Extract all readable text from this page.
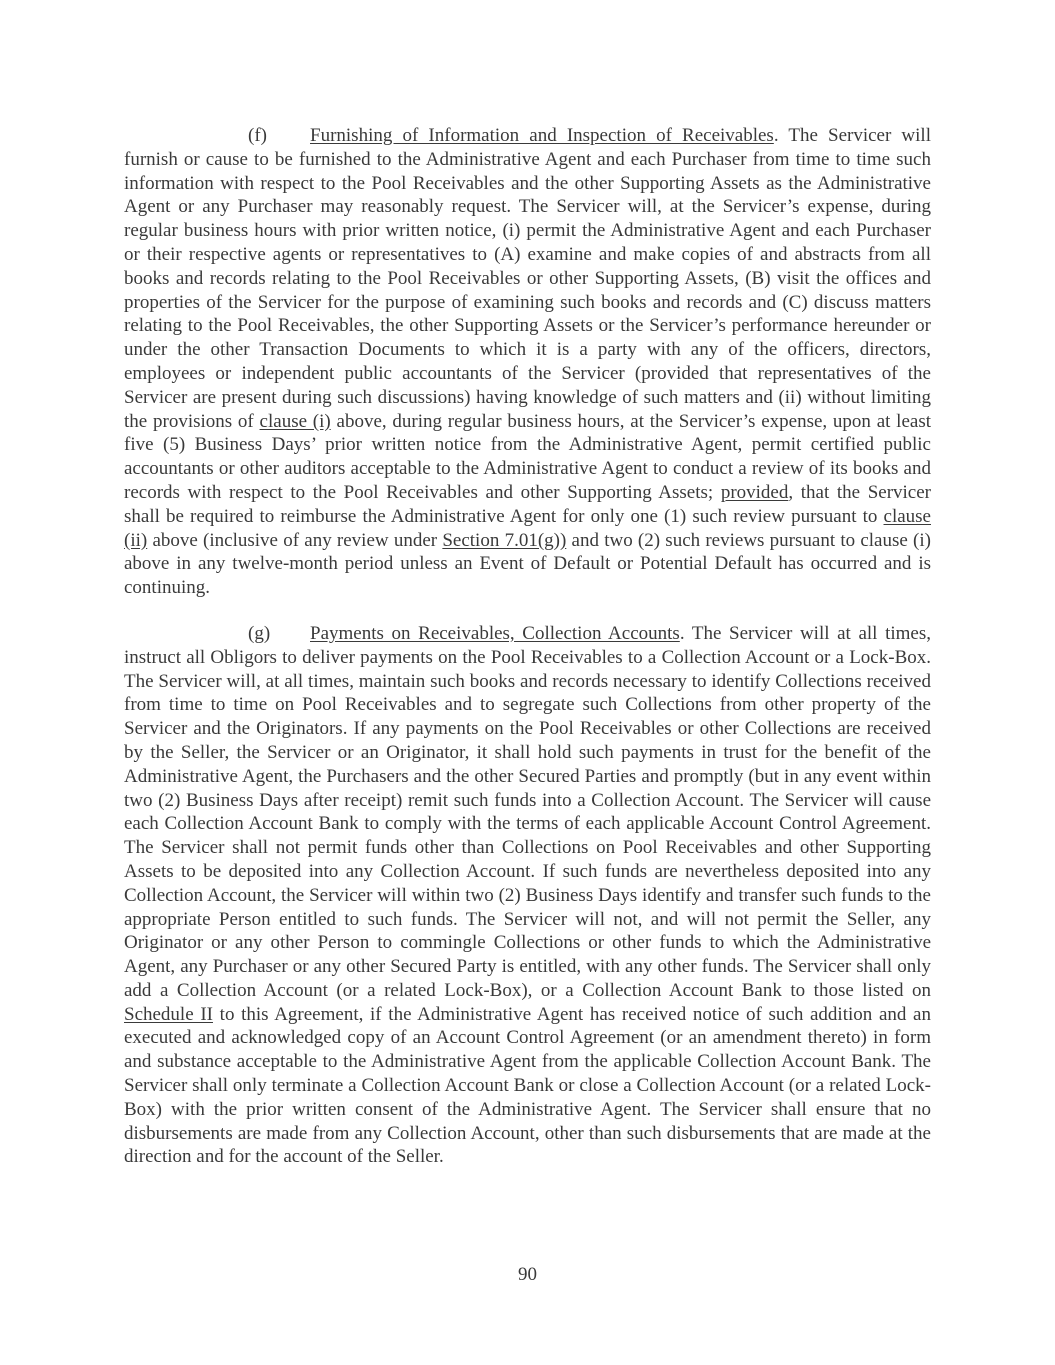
(f) Furnishing of Information and Inspection of Receivables. The Servicer will furnish or cause to be furnished to the Administrative Agent and each Purchaser from time to time such information with respect to the Pool Receivables and the other Supporting Assets as the Administrative Agent or any Purchaser may reasonably request. The Servicer will, at the Servicer’s expense, during regular business hours with prior written notice, (i) permit the Administrative Agent and each Purchaser or their respective agents or representatives to (A) examine and make copies of and abstracts from all books and records relating to the Pool Receivables or other Supporting Assets, (B) visit the offices and properties of the Servicer for the purpose of examining such books and records and (C) discuss matters relating to the Pool Receivables, the other Supporting Assets or the Servicer’s performance hereunder or under the other Transaction Documents to which it is a party with any of the officers, directors, employees or independent public accountants of the Servicer (provided that representatives of the Servicer are present during such discussions) having knowledge of such matters and (ii) without limiting the provisions of clause (i) above, during regular business hours, at the Servicer’s expense, upon at least five (5) Business Days’ prior written notice from the Administrative Agent, permit certified public accountants or other auditors acceptable to the Administrative Agent to conduct a review of its books and records with respect to the Pool Receivables and other Supporting Assets; provided, that the Servicer shall be required to reimburse the Administrative Agent for only one (1) such review pursuant to clause (ii) above (inclusive of any review under Section 7.01(g)) and two (2) such reviews pursuant to clause (i) above in any twelve-month period unless an Event of Default or Potential Default has occurred and is continuing.

(g) Payments on Receivables, Collection Accounts. The Servicer will at all times, instruct all Obligors to deliver payments on the Pool Receivables to a Collection Account or a Lock-Box. The Servicer will, at all times, maintain such books and records necessary to identify Collections received from time to time on Pool Receivables and to segregate such Collections from other property of the Servicer and the Originators. If any payments on the Pool Receivables or other Collections are received by the Seller, the Servicer or an Originator, it shall hold such payments in trust for the benefit of the Administrative Agent, the Purchasers and the other Secured Parties and promptly (but in any event within two (2) Business Days after receipt) remit such funds into a Collection Account. The Servicer will cause each Collection Account Bank to comply with the terms of each applicable Account Control Agreement. The Servicer shall not permit funds other than Collections on Pool Receivables and other Supporting Assets to be deposited into any Collection Account. If such funds are nevertheless deposited into any Collection Account, the Servicer will within two (2) Business Days identify and transfer such funds to the appropriate Person entitled to such funds. The Servicer will not, and will not permit the Seller, any Originator or any other Person to commingle Collections or other funds to which the Administrative Agent, any Purchaser or any other Secured Party is entitled, with any other funds. The Servicer shall only add a Collection Account (or a related Lock-Box), or a Collection Account Bank to those listed on Schedule II to this Agreement, if the Administrative Agent has received notice of such addition and an executed and acknowledged copy of an Account Control Agreement (or an amendment thereto) in form and substance acceptable to the Administrative Agent from the applicable Collection Account Bank. The Servicer shall only terminate a Collection Account Bank or close a Collection Account (or a related Lock-Box) with the prior written consent of the Administrative Agent. The Servicer shall ensure that no disbursements are made from any Collection Account, other than such disbursements that are made at the direction and for the account of the Seller.

90
